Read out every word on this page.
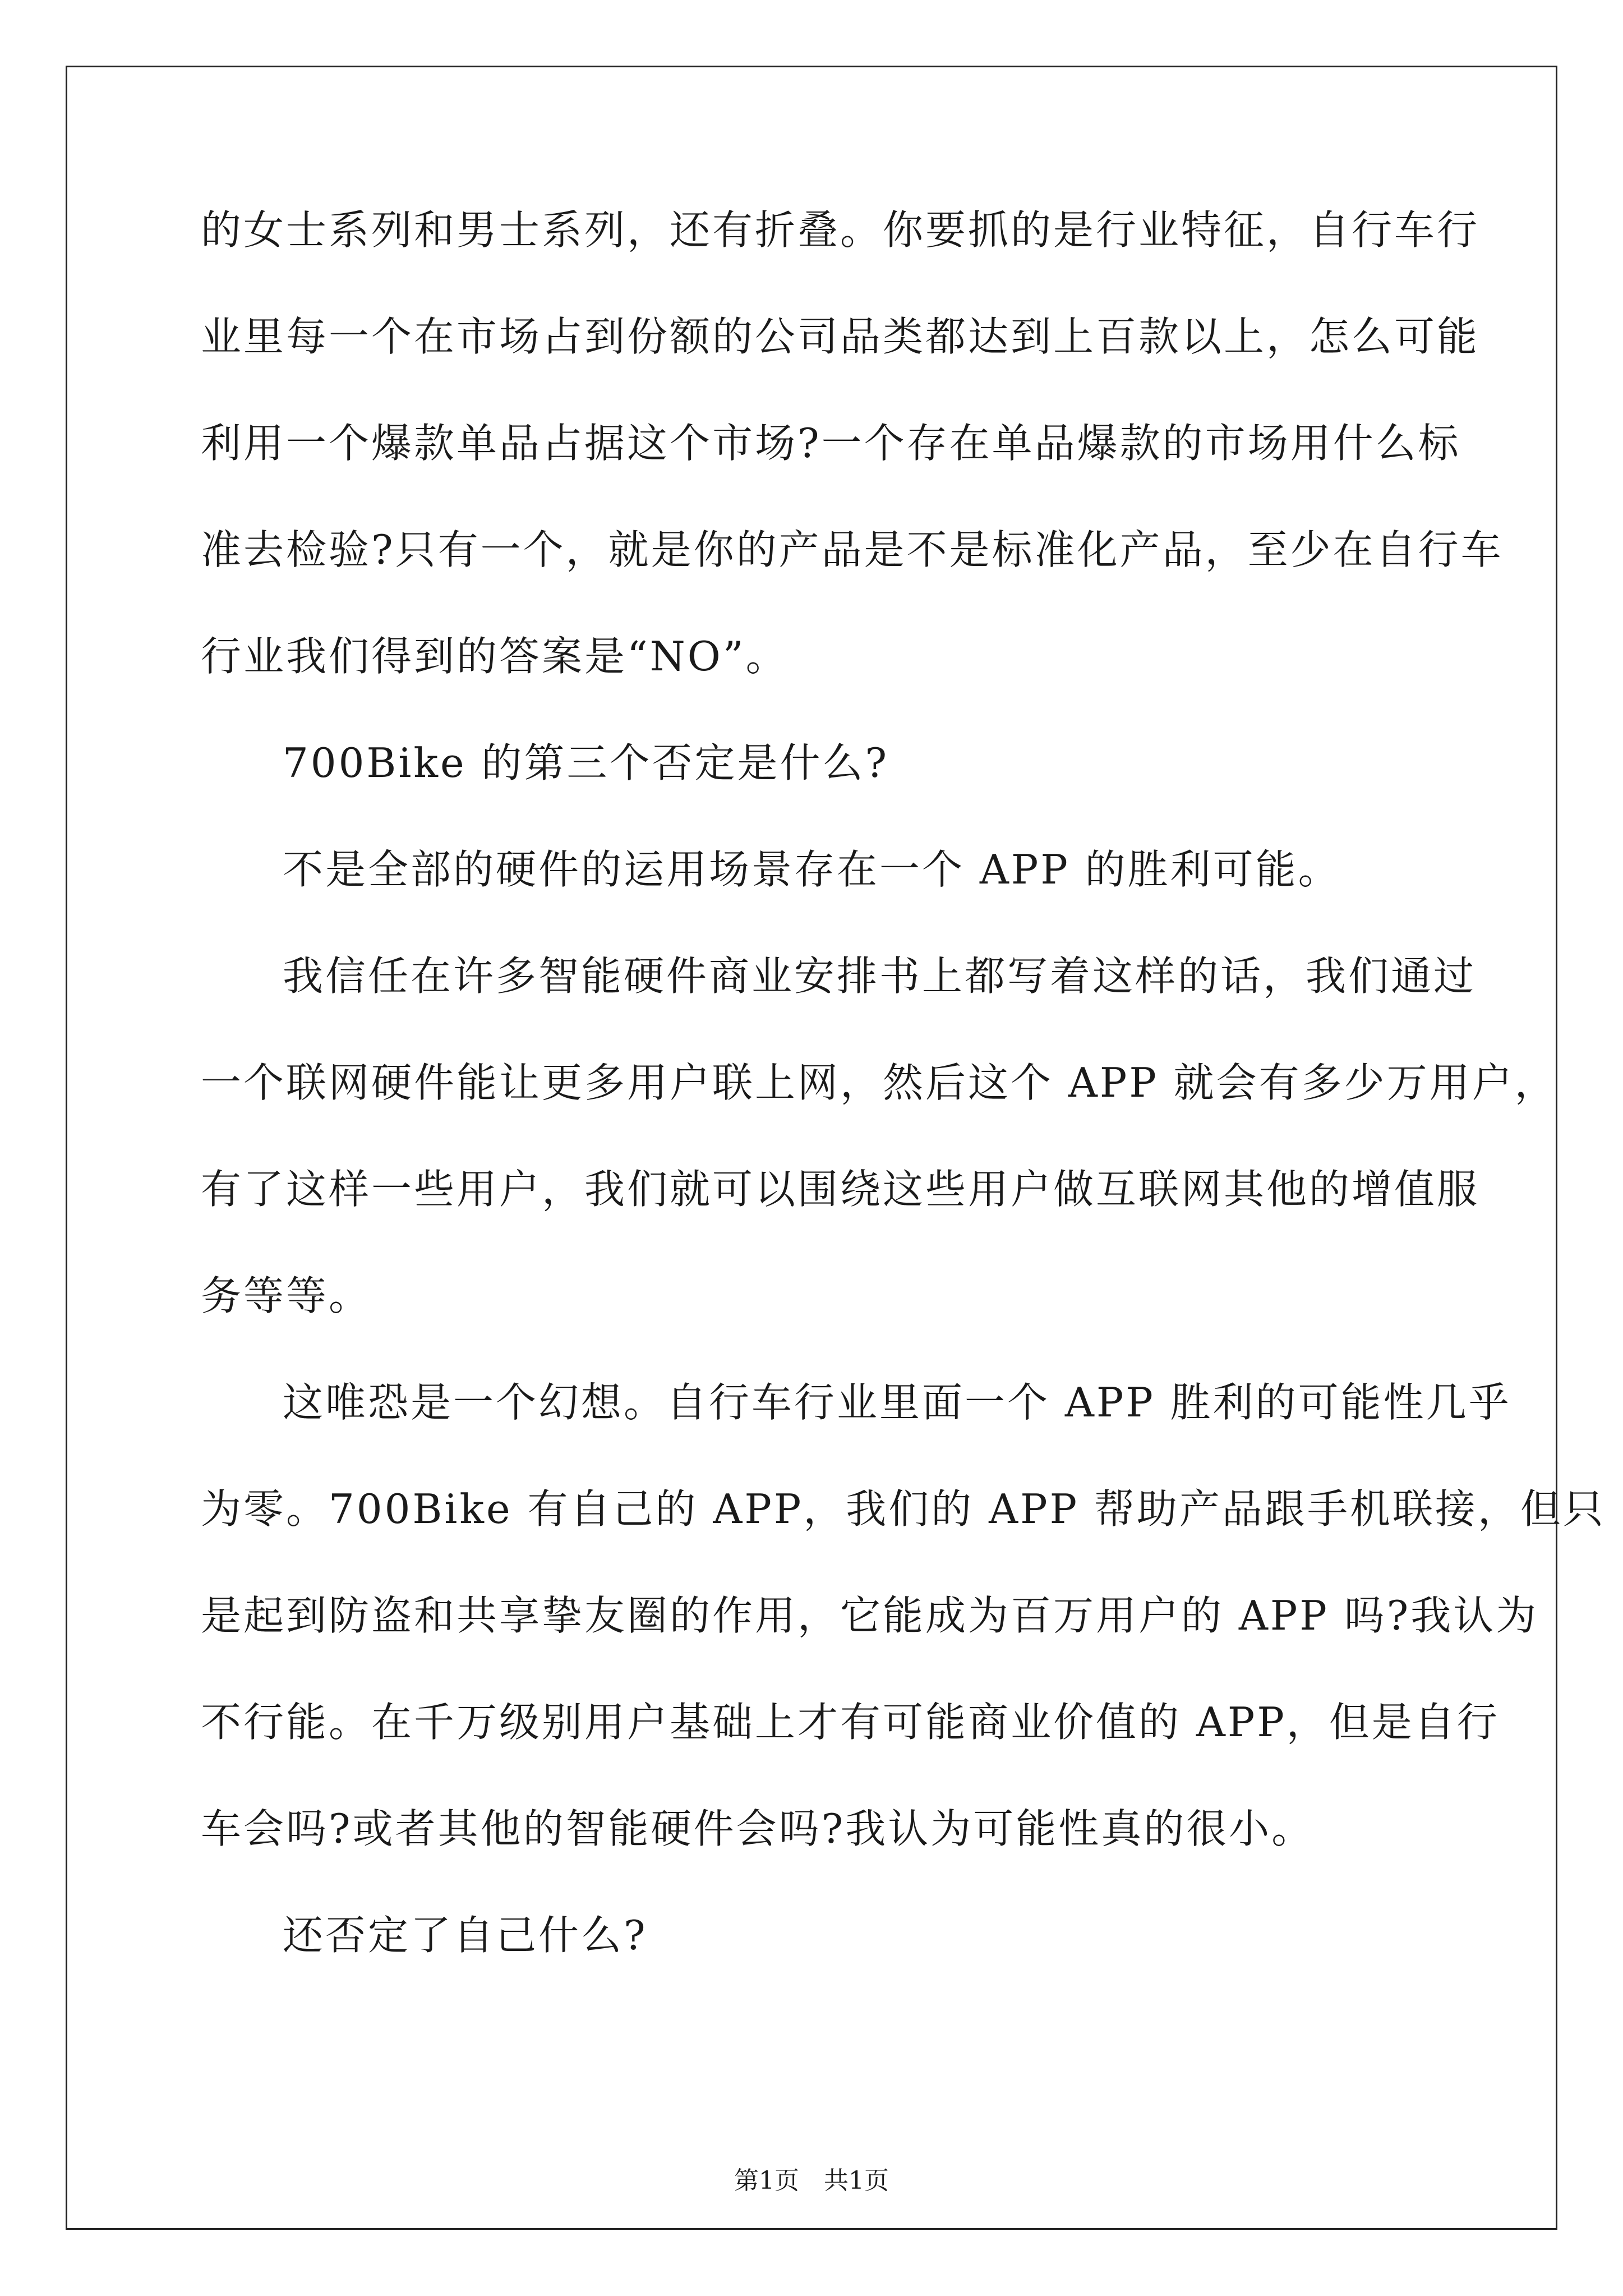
的女士系列和男士系列，还有折叠。你要抓的是行业特征，自行车行
业里每一个在市场占到份额的公司品类都达到上百款以上，怎么可能
利用一个爆款单品占据这个市场?一个存在单品爆款的市场用什么标
准去检验?只有一个，就是你的产品是不是标准化产品，至少在自行车
行业我们得到的答案是“NO”。
700Bike 的第三个否定是什么?
不是全部的硬件的运用场景存在一个 APP 的胜利可能。
我信任在许多智能硬件商业安排书上都写着这样的话，我们通过
一个联网硬件能让更多用户联上网，然后这个 APP 就会有多少万用户，
有了这样一些用户，我们就可以围绕这些用户做互联网其他的增值服
务等等。
这唯恐是一个幻想。自行车行业里面一个 APP 胜利的可能性几乎
为零。700Bike 有自己的 APP，我们的 APP 帮助产品跟手机联接，但只
是起到防盗和共享挚友圈的作用，它能成为百万用户的 APP 吗?我认为
不行能。在千万级别用户基础上才有可能商业价值的 APP，但是自行
车会吗?或者其他的智能硬件会吗?我认为可能性真的很小。
还否定了自己什么?
第1页　共1页
